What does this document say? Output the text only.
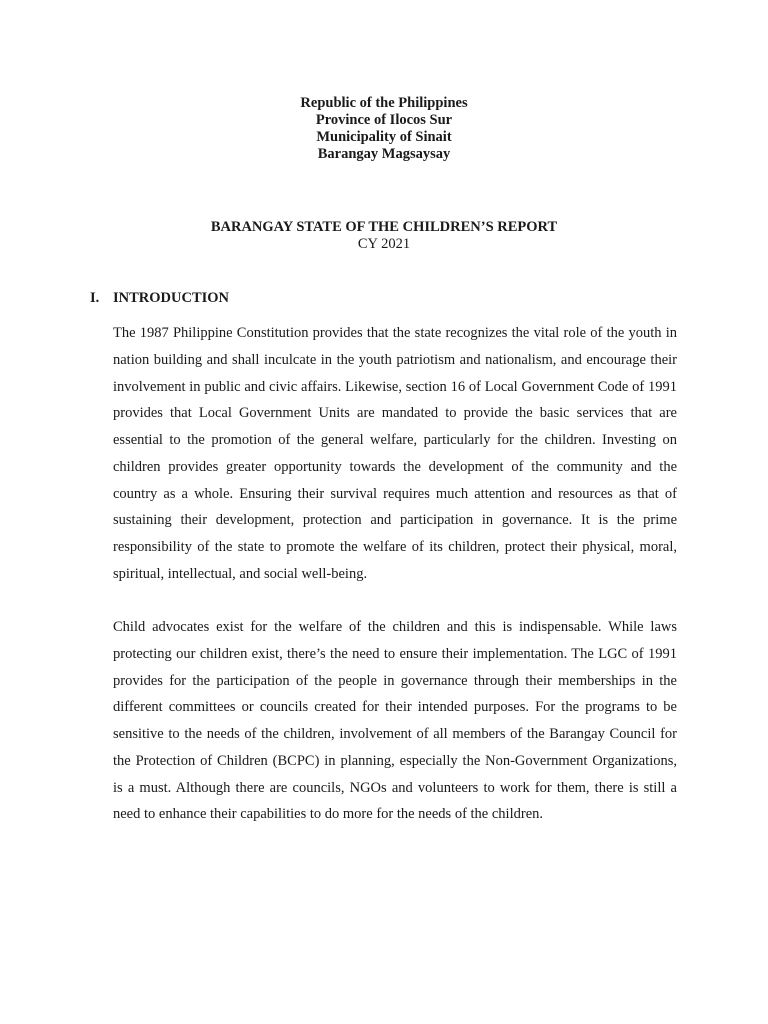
Republic of the Philippines
Province of Ilocos Sur
Municipality of Sinait
Barangay Magsaysay
BARANGAY STATE OF THE CHILDREN’S REPORT
CY 2021
I. INTRODUCTION

The 1987 Philippine Constitution provides that the state recognizes the vital role of the youth in nation building and shall inculcate in the youth patriotism and nationalism, and encourage their involvement in public and civic affairs. Likewise, section 16 of Local Government Code of 1991 provides that Local Government Units are mandated to provide the basic services that are essential to the promotion of the general welfare, particularly for the children. Investing on children provides greater opportunity towards the development of the community and the country as a whole. Ensuring their survival requires much attention and resources as that of sustaining their development, protection and participation in governance. It is the prime responsibility of the state to promote the welfare of its children, protect their physical, moral, spiritual, intellectual, and social well-being.

Child advocates exist for the welfare of the children and this is indispensable. While laws protecting our children exist, there’s the need to ensure their implementation. The LGC of 1991 provides for the participation of the people in governance through their memberships in the different committees or councils created for their intended purposes. For the programs to be sensitive to the needs of the children, involvement of all members of the Barangay Council for the Protection of Children (BCPC) in planning, especially the Non-Government Organizations, is a must. Although there are councils, NGOs and volunteers to work for them, there is still a need to enhance their capabilities to do more for the needs of the children.
